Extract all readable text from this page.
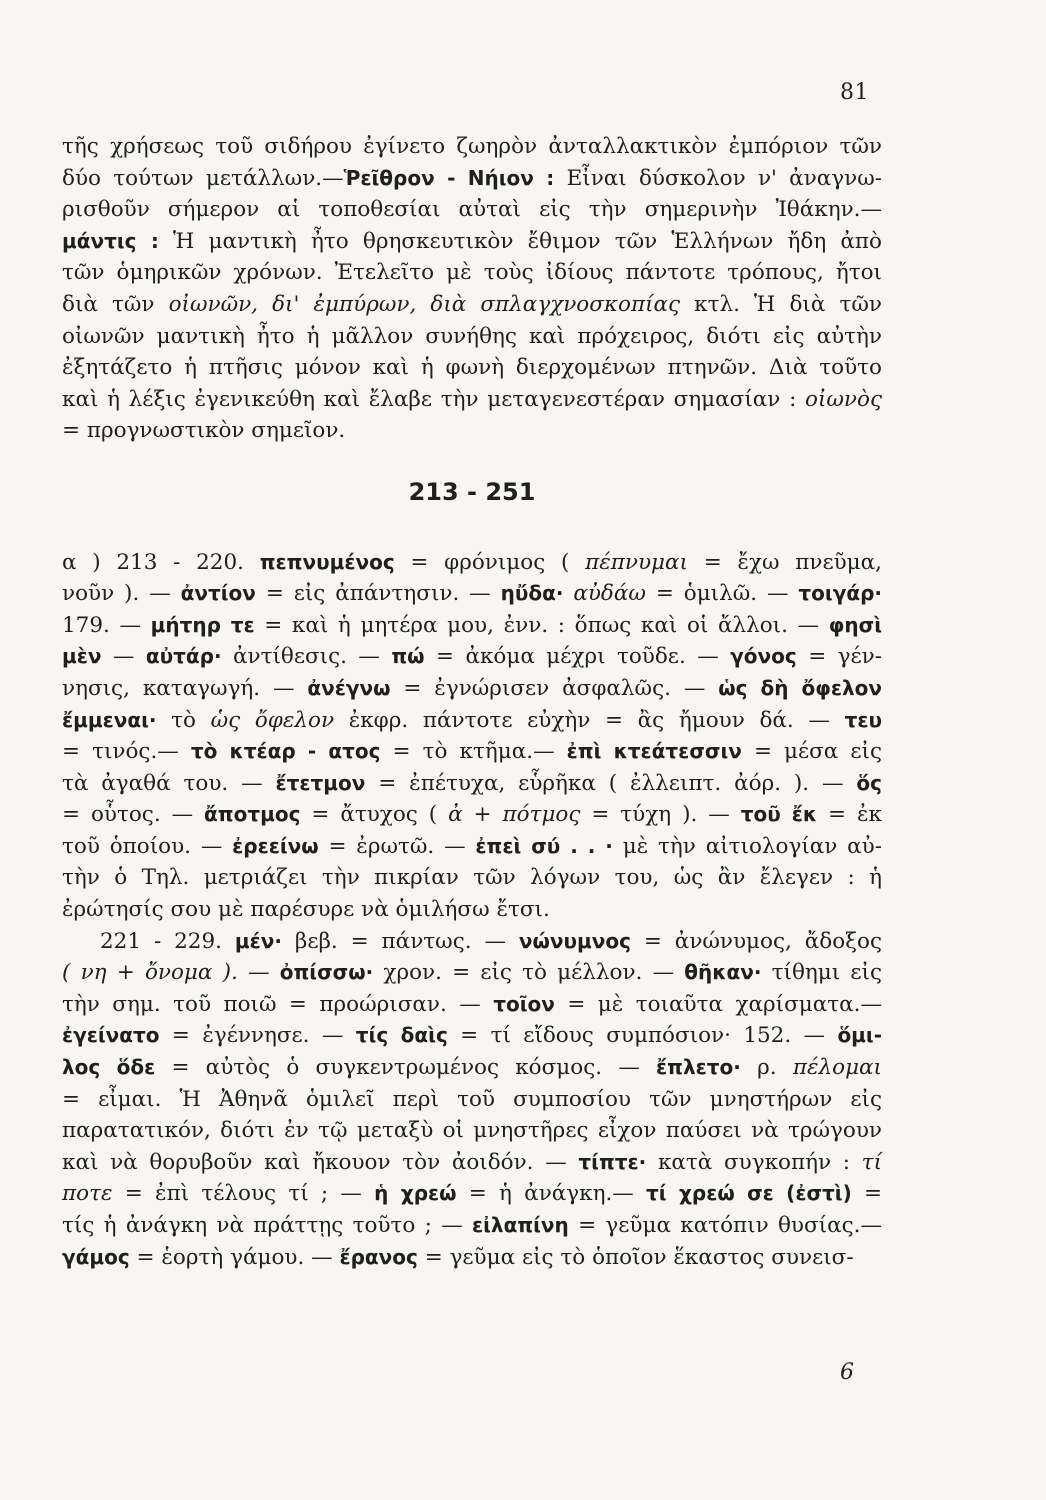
81
τῆς χρήσεως τοῦ σιδήρου ἐγίνετο ζωηρὸν ἀνταλλακτικὸν ἐμπόριον τῶν
δύο τούτων μετάλλων.—Ῥεῖθρον - Νήιον : Εἶναι δύσκολον ν' ἀναγνω-
ρισθοῦν σήμερον αἱ τοποθεσίαι αὐταὶ εἰς τὴν σημερινὴν Ἰθάκην.—
μάντις : Ἡ μαντικὴ ἦτο θρησκευτικὸν ἔθιμον τῶν Ἑλλήνων ἤδη ἀπὸ
τῶν ὁμηρικῶν χρόνων. Ἐτελεῖτο μὲ τοὺς ἰδίους πάντοτε τρόπους, ἤτοι
διὰ τῶν οἰωνῶν, δι' ἐμπύρων, διὰ σπλαγχνοσκοπίας κτλ. Ἡ διὰ τῶν
οἰωνῶν μαντικὴ ἦτο ἡ μᾶλλον συνήθης καὶ πρόχειρος, διότι εἰς αὐτὴν
ἐξητάζετο ἡ πτῆσις μόνον καὶ ἡ φωνὴ διερχομένων πτηνῶν. Διὰ τοῦτο
καὶ ἡ λέξις ἐγενικεύθη καὶ ἔλαβε τὴν μεταγενεστέραν σημασίαν : οἰωνὸς
= προγνωστικὸν σημεῖον.
213 - 251
α ) 213 - 220. πεπνυμένος = φρόνιμος ( πέπνυμαι = ἔχω πνεῦμα,
νοῦν ). — ἀντίον = εἰς ἀπάντησιν. — ηὔδα· αὐδάω = ὁμιλῶ. — τοιγάρ·
179. — μήτηρ τε = καὶ ἡ μητέρα μου, ἐνν. : ὅπως καὶ οἱ ἄλλοι. — φησὶ
μὲν — αὐτάρ· ἀντίθεσις. — πώ = ἀκόμα μέχρι τοῦδε. — γόνος = γέν-
νησις, καταγωγή. — ἀνέγνω = ἐγνώρισεν ἀσφαλῶς. — ὡς δὴ ὄφελον
ἔμμεναι· τὸ ὡς ὄφελον ἐκφρ. πάντοτε εὐχὴν = ἂς ἤμουν δά. — τευ
= τινός.— τὸ κτέαρ - ατος = τὸ κτῆμα.— ἐπὶ κτεάτεσσιν = μέσα εἰς
τὰ ἀγαθά του. — ἔτετμον = ἐπέτυχα, εὗρῆκα ( ἐλλειπτ. ἀόρ. ). — ὅς
= οὗτος. — ἄποτμος = ἄτυχος ( ἀ + πότμος = τύχη ). — τοῦ ἔκ = ἐκ
τοῦ ὁποίου. — ἐρεείνω = ἐρωτῶ. — ἐπεὶ σύ . . · μὲ τὴν αἰτιολογίαν αὐ-
τὴν ὁ Τηλ. μετριάζει τὴν πικρίαν τῶν λόγων του, ὡς ἂν ἔλεγεν : ἡ
ἐρώτησίς σου μὲ παρέσυρε νὰ ὁμιλήσω ἔτσι.
221 - 229. μέν· βεβ. = πάντως. — νώνυμνος = ἀνώνυμος, ἄδοξος
( νη + ὄνομα ). — ὀπίσσω· χρον. = εἰς τὸ μέλλον. — θῆκαν· τίθημι εἰς
τὴν σημ. τοῦ ποιῶ = προώρισαν. — τοῖον = μὲ τοιαῦτα χαρίσματα.—
ἐγείνατο = ἐγέννησε. — τίς δαὶς = τί εἴδους συμπόσιον· 152. — ὅμι-
λος ὅδε = αὐτὸς ὁ συγκεντρωμένος κόσμος. — ἔπλετο· ρ. πέλομαι
= εἶμαι. Ἡ Ἀθηνᾶ ὁμιλεῖ περὶ τοῦ συμποσίου τῶν μνηστήρων εἰς
παρατατικόν, διότι ἐν τῷ μεταξὺ οἱ μνηστῆρες εἶχον παύσει νὰ τρώγουν
καὶ νὰ θορυβοῦν καὶ ἤκουον τὸν ἀοιδόν. — τίπτε· κατὰ συγκοπήν : τί
ποτε = ἐπὶ τέλους τί ; — ἡ χρεώ = ἡ ἀνάγκη.— τί χρεώ σε (ἐστὶ) =
τίς ἡ ἀνάγκη νὰ πράττῃς τοῦτο ; — εἰλαπίνη = γεῦμα κατόπιν θυσίας.—
γάμος = ἑορτὴ γάμου. — ἔρανος = γεῦμα εἰς τὸ ὁποῖον ἕκαστος συνεισ-
6
